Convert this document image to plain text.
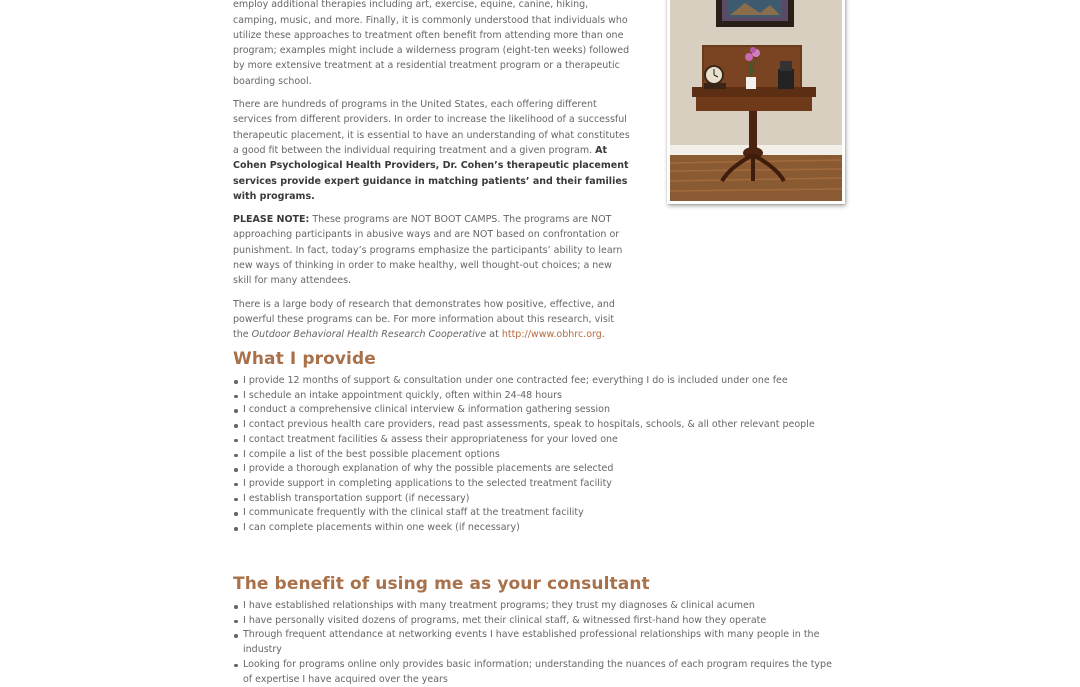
employ additional therapies including art, exercise, equine, canine, hiking, camping, music, and more. Finally, it is commonly understood that individuals who utilize these approaches to treatment often benefit from attending more than one program; examples might include a wilderness program (eight-ten weeks) followed by more extensive treatment at a residential treatment program or a therapeutic boarding school.

There are hundreds of programs in the United States, each offering different services from different providers. In order to increase the likelihood of a successful therapeutic placement, it is essential to have an understanding of what constitutes a good fit between the individual requiring treatment and a given program. At Cohen Psychological Health Providers, Dr. Cohen’s therapeutic placement services provide expert guidance in matching patients’ and their families with programs.

PLEASE NOTE: These programs are NOT BOOT CAMPS. The programs are NOT approaching participants in abusive ways and are NOT based on confrontation or punishment. In fact, today’s programs emphasize the participants’ ability to learn new ways of thinking in order to make healthy, well thought-out choices; a new skill for many attendees.

There is a large body of research that demonstrates how positive, effective, and powerful these programs can be. For more information about this research, visit the Outdoor Behavioral Health Research Cooperative at http://www.obhrc.org.

What I provide
I provide 12 months of support & consultation under one contracted fee; everything I do is included under one fee
I schedule an intake appointment quickly, often within 24-48 hours
I conduct a comprehensive clinical interview & information gathering session
I contact previous health care providers, read past assessments, speak to hospitals, schools, & all other relevant people
I contact treatment facilities & assess their appropriateness for your loved one
I compile a list of the best possible placement options
I provide a thorough explanation of why the possible placements are selected
I provide support in completing applications to the selected treatment facility
I establish transportation support (if necessary)
I communicate frequently with the clinical staff at the treatment facility
I can complete placements within one week (if necessary)
The benefit of using me as your consultant
I have established relationships with many treatment programs; they trust my diagnoses & clinical acumen
I have personally visited dozens of programs, met their clinical staff, & witnessed first-hand how they operate
Through frequent attendance at networking events I have established professional relationships with many people in the industry
Looking for programs online only provides basic information; understanding the nuances of each program requires the type of expertise I have acquired over the years
